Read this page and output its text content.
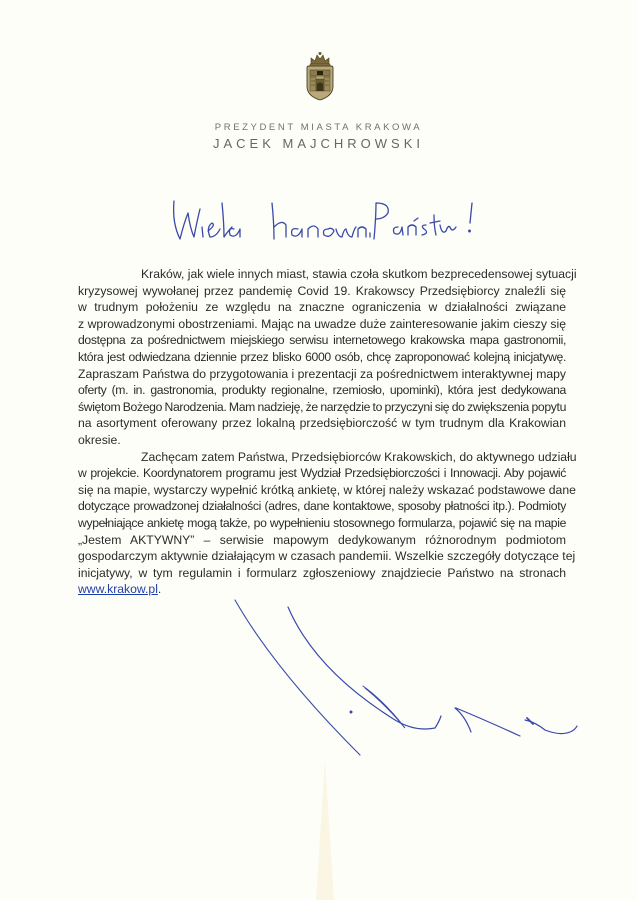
PREZYDENT MIASTA KRAKOWA
JACEK MAJCHROWSKI
Kraków, jak wiele innych miast, stawia czoła skutkom bezprecedensowej sytuacji
kryzysowej wywołanej przez pandemię Covid 19. Krakowscy Przedsiębiorcy znaleźli się
w trudnym położeniu ze względu na znaczne ograniczenia w działalności związane
z wprowadzonymi obostrzeniami. Mając na uwadze duże zainteresowanie jakim cieszy się
dostępna za pośrednictwem miejskiego serwisu internetowego krakowska mapa gastronomii,
która jest odwiedzana dziennie przez blisko 6000 osób, chcę zaproponować kolejną inicjatywę.
Zapraszam Państwa do przygotowania i prezentacji za pośrednictwem interaktywnej mapy
oferty (m. in. gastronomia, produkty regionalne, rzemiosło, upominki), która jest dedykowana
świętom Bożego Narodzenia. Mam nadzieję, że narzędzie to przyczyni się do zwiększenia popytu
na asortyment oferowany przez lokalną przedsiębiorczość w tym trudnym dla Krakowian
okresie.
Zachęcam zatem Państwa, Przedsiębiorców Krakowskich, do aktywnego udziału
w projekcie. Koordynatorem programu jest Wydział Przedsiębiorczości i Innowacji. Aby pojawić
się na mapie, wystarczy wypełnić krótką ankietę, w której należy wskazać podstawowe dane
dotyczące prowadzonej działalności (adres, dane kontaktowe, sposoby płatności itp.). Podmioty
wypełniające ankietę mogą także, po wypełnieniu stosownego formularza, pojawić się na mapie
„Jestem AKTYWNY” – serwisie mapowym dedykowanym różnorodnym podmiotom
gospodarczym aktywnie działającym w czasach pandemii. Wszelkie szczegóły dotyczące tej
inicjatywy, w tym regulamin i formularz zgłoszeniowy znajdziecie Państwo na stronach
www.krakow.pl.
